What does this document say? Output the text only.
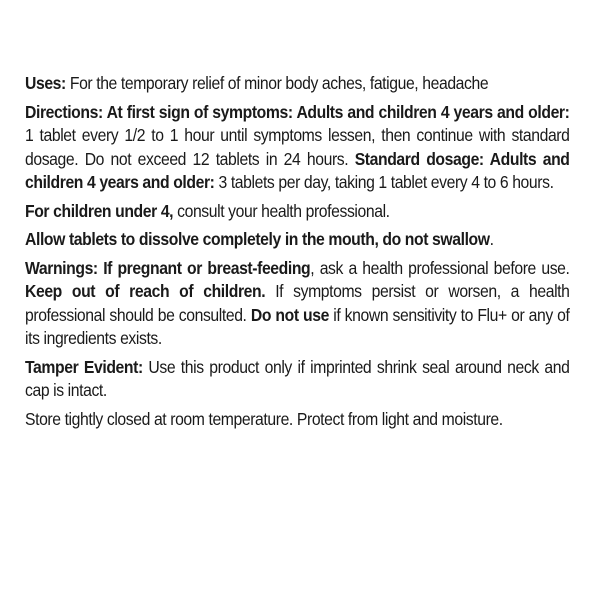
Uses: For the temporary relief of minor body aches, fatigue, headache

Directions: At first sign of symptoms: Adults and children 4 years and older: 1 tablet every 1/2 to 1 hour until symptoms lessen, then continue with standard dosage. Do not exceed 12 tablets in 24 hours. Standard dosage: Adults and children 4 years and older: 3 tablets per day, taking 1 tablet every 4 to 6 hours.

For children under 4, consult your health professional.

Allow tablets to dissolve completely in the mouth, do not swallow.

Warnings: If pregnant or breast-feeding, ask a health professional before use. Keep out of reach of children. If symptoms persist or worsen, a health professional should be consulted. Do not use if known sensitivity to Flu+ or any of its ingredients exists.

Tamper Evident: Use this product only if imprinted shrink seal around neck and cap is intact.

Store tightly closed at room temperature. Protect from light and moisture.
